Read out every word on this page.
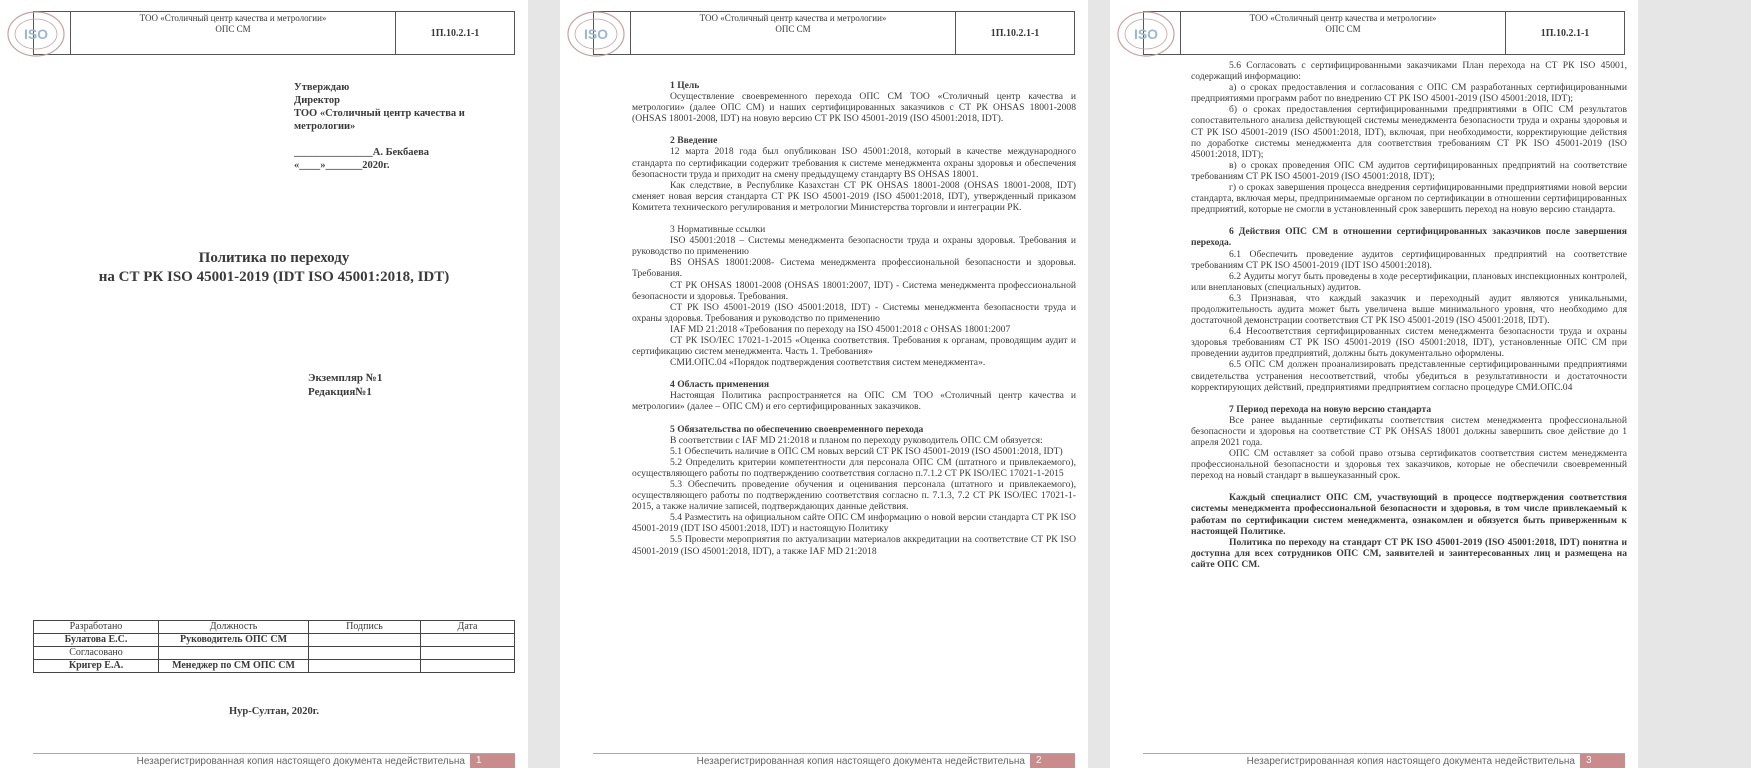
ISO
ТОО «Столичный центр качества и метрологии»
ОПС СМ	1П.10.2.1-1
Утверждаю
Директор
ТОО «Столичный центр качества и
метрологии»
_______________А. Бекбаева
«____»_______2020г.
Политика по переходу
на СТ РК ISO 45001-2019 (IDT ISO 45001:2018, IDT)
Экземпляр №1
Редакция№1
Разработано	Должность	Подпись	Дата
Булатова Е.С.	Руководитель ОПС СМ		
Согласовано			
Кригер Е.А.	Менеджер по СМ ОПС СМ		
Нур-Султан, 2020г.
Незарегистрированная копия настоящего документа недействительна	1
ISO
ТОО «Столичный центр качества и метрологии»
ОПС СМ	1П.10.2.1-1

1 Цель

Осуществление своевременного перехода ОПС СМ ТОО «Столичный центр качества и метрологии» (далее ОПС СМ) и наших сертифицированных заказчиков с СТ РК OHSAS 18001-2008 (OHSAS 18001-2008, IDT) на новую версию СТ РК ISO 45001-2019 (ISO 45001:2018, IDT).

2 Введение

12 марта 2018 года был опубликован ISO 45001:2018, который в качестве международного стандарта по сертификации содержит требования к системе менеджмента охраны здоровья и обеспечения безопасности труда и приходит на смену предыдущему стандарту BS OHSAS 18001.

Как следствие, в Республике Казахстан СТ РК OHSAS 18001-2008 (OHSAS 18001-2008, IDT) сменяет новая версия стандарта СТ РК ISO 45001-2019 (ISO 45001:2018, IDT), утвержденный приказом Комитета технического регулирования и метрологии Министерства торговли и интеграции РК.

3 Нормативные ссылки

ISO 45001:2018 – Системы менеджмента безопасности труда и охраны здоровья. Требования и руководство по применению

BS OHSAS 18001:2008- Система менеджмента профессиональной безопасности и здоровья. Требования.

СТ РК OHSAS 18001-2008 (OHSAS 18001:2007, IDT) - Система менеджмента профессиональной безопасности и здоровья. Требования.

СТ РК ISO 45001-2019 (ISO 45001:2018, IDT) - Системы менеджмента безопасности труда и охраны здоровья. Требования и руководство по применению

IAF MD 21:2018 «Требования по переходу на ISO 45001:2018 с OHSAS 18001:2007

СТ РК ISO/IEC 17021-1-2015 «Оценка соответствия. Требования к органам, проводящим аудит и сертификацию систем менеджмента. Часть 1. Требования»

СМИ.ОПС.04 «Порядок подтверждения соответствия систем менеджмента».

4 Область применения

Настоящая Политика распространяется на ОПС СМ ТОО «Столичный центр качества и метрологии» (далее – ОПС СМ) и его сертифицированных заказчиков.

5 Обязательства по обеспечению своевременного перехода

В соответствии с IAF MD 21:2018 и планом по переходу руководитель ОПС СМ обязуется:

5.1 Обеспечить наличие в ОПС СМ новых версий СТ РК ISO 45001-2019 (ISO 45001:2018, IDT)

5.2 Определить критерии компетентности для персонала ОПС СМ (штатного и привлекаемого), осуществляющего работы по подтверждению соответствия согласно п.7.1.2 СТ РК ISO/IEC 17021-1-2015

5.3 Обеспечить проведение обучения и оценивания персонала (штатного и привлекаемого), осуществляющего работы по подтверждению соответствия согласно п. 7.1.3, 7.2 СТ РК ISO/IEC 17021-1-2015, а также наличие записей, подтверждающих данные действия.

5.4 Разместить на официальном сайте ОПС СМ информацию о новой версии стандарта СТ РК ISO 45001-2019 (IDT ISO 45001:2018, IDT) и настоящую Политику

5.5 Провести мероприятия по актуализации материалов аккредитации на соответствие СТ РК ISO 45001-2019 (ISO 45001:2018, IDT), а также IAF MD 21:2018

Незарегистрированная копия настоящего документа недействительна	2
ISO
ТОО «Столичный центр качества и метрологии»
ОПС СМ	1П.10.2.1-1

5.6 Согласовать с сертифицированными заказчиками План перехода на СТ РК ISO 45001, содержащий информацию:

а) о сроках предоставления и согласования с ОПС СМ разработанных сертифицированными предприятиями программ работ по внедрению СТ РК ISO 45001-2019 (ISO 45001:2018, IDT);

б) о сроках предоставления сертифицированными предприятиями в ОПС СМ результатов сопоставительного анализа действующей системы менеджмента безопасности труда и охраны здоровья и СТ РК ISO 45001-2019 (ISO 45001:2018, IDT), включая, при необходимости, корректирующие действия по доработке системы менеджмента для соответствия требованиям СТ РК ISO 45001-2019 (ISO 45001:2018, IDT);

в) о сроках проведения ОПС СМ аудитов сертифицированных предприятий на соответствие требованиям СТ РК ISO 45001-2019 (ISO 45001:2018, IDT);

г) о сроках завершения процесса внедрения сертифицированными предприятиями новой версии стандарта, включая меры, предпринимаемые органом по сертификации в отношении сертифицированных предприятий, которые не смогли в установленный срок завершить переход на новую версию стандарта.

6 Действия ОПС СМ в отношении сертифицированных заказчиков после завершения перехода.

6.1 Обеспечить проведение аудитов сертифицированных предприятий на соответствие требованиям СТ РК ISO 45001-2019 (IDT ISO 45001:2018).

6.2 Аудиты могут быть проведены в ходе ресертификации, плановых инспекционных контролей, или внеплановых (специальных) аудитов.

6.3 Признавая, что каждый заказчик и переходный аудит являются уникальными, продолжительность аудита может быть увеличена выше минимального уровня, что необходимо для достаточной демонстрации соответствия СТ РК ISO 45001-2019 (ISO 45001:2018, IDT).

6.4 Несоответствия сертифицированных систем менеджмента безопасности труда и охраны здоровья требованиям СТ РК ISO 45001-2019 (ISO 45001:2018, IDT), установленные ОПС СМ при проведении аудитов предприятий, должны быть документально оформлены.

6.5 ОПС СМ должен проанализировать представленные сертифицированными предприятиями свидетельства устранения несоответствий, чтобы убедиться в результативности и достаточности корректирующих действий, предприятиями предприятием согласно процедуре СМИ.ОПС.04

7 Период перехода на новую версию стандарта

Все ранее выданные сертификаты соответствия систем менеджмента профессиональной безопасности и здоровья на соответствие СТ РК OHSAS 18001 должны завершить свое действие до 1 апреля 2021 года.

ОПС СМ оставляет за собой право отзыва сертификатов соответствия систем менеджмента профессиональной безопасности и здоровья тех заказчиков, которые не обеспечили своевременный переход на новый стандарт в вышеуказанный срок.

Каждый специалист ОПС СМ, участвующий в процессе подтверждения соответствия системы менеджмента профессиональной безопасности и здоровья, в том числе привлекаемый к работам по сертификации систем менеджмента, ознакомлен и обязуется быть приверженным к настоящей Политике.

Политика по переходу на стандарт СТ РК ISO 45001-2019 (ISO 45001:2018, IDT) понятна и доступна для всех сотрудников ОПС СМ, заявителей и заинтересованных лиц и размещена на сайте ОПС СМ.

Незарегистрированная копия настоящего документа недействительна	3
